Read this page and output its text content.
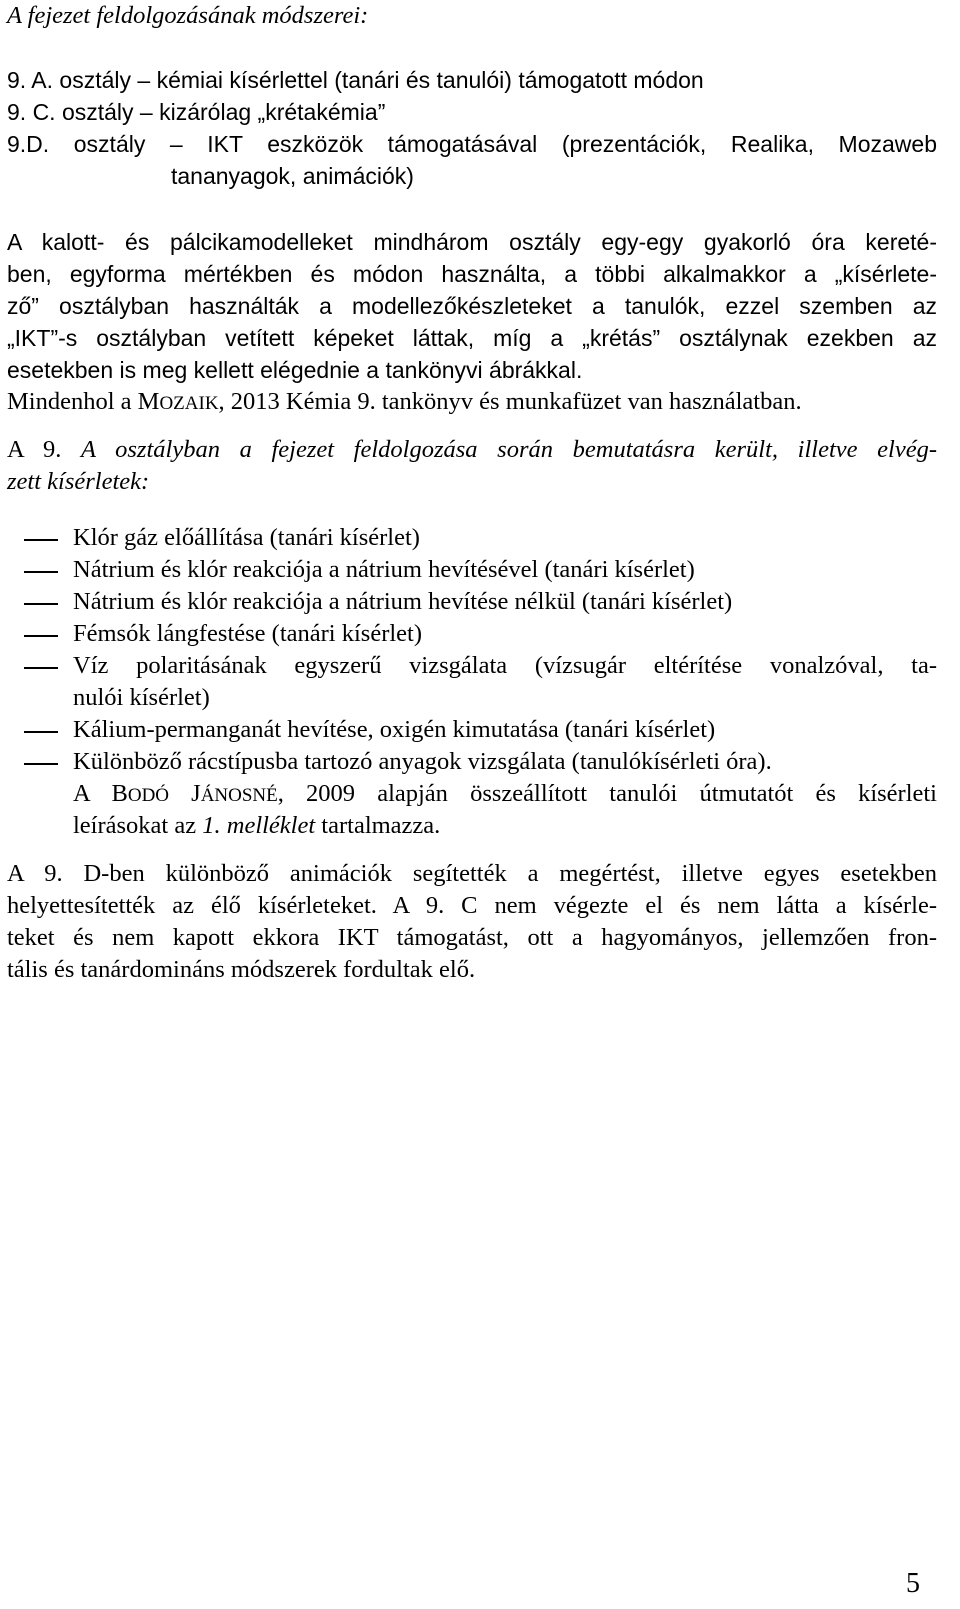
A fejezet feldolgozásának módszerei:
9. A. osztály – kémiai kísérlettel (tanári és tanulói) támogatott módon
9. C. osztály – kizárólag „krétakémia”
9.D. osztály – IKT eszközök támogatásával (prezentációk, Realika, Mozaweb
tananyagok, animációk)
A kalott- és pálcikamodelleket mindhárom osztály egy-egy gyakorló óra kereté-
ben, egyforma mértékben és módon használta, a többi alkalmakkor a „kísérlete-
ző” osztályban használták a modellezőkészleteket a tanulók, ezzel szemben az
„IKT”-s osztályban vetített képeket láttak, míg a „krétás” osztálynak ezekben az
esetekben is meg kellett elégednie a tankönyvi ábrákkal.
Mindenhol a MOZAIK, 2013 Kémia 9. tankönyv és munkafüzet van használatban.
A 9. A osztályban a fejezet feldolgozása során bemutatásra került, illetve elvég-
zett kísérletek:
Klór gáz előállítása (tanári kísérlet)
Nátrium és klór reakciója a nátrium hevítésével (tanári kísérlet)
Nátrium és klór reakciója a nátrium hevítése nélkül (tanári kísérlet)
Fémsók lángfestése (tanári kísérlet)
Víz polaritásának egyszerű vizsgálata (vízsugár eltérítése vonalzóval, ta-
nulói kísérlet)
Kálium-permanganát hevítése, oxigén kimutatása (tanári kísérlet)
Különböző rácstípusba tartozó anyagok vizsgálata (tanulókísérleti óra).
A BODÓ JÁNOSNÉ, 2009 alapján összeállított tanulói útmutatót és kísérleti
leírásokat az 1. melléklet tartalmazza.
A 9. D-ben különböző animációk segítették a megértést, illetve egyes esetekben
helyettesítették az élő kísérleteket. A 9. C nem végezte el és nem látta a kísérle-
teket és nem kapott ekkora IKT támogatást, ott a hagyományos, jellemzően fron-
tális és tanárdomináns módszerek fordultak elő.
5
